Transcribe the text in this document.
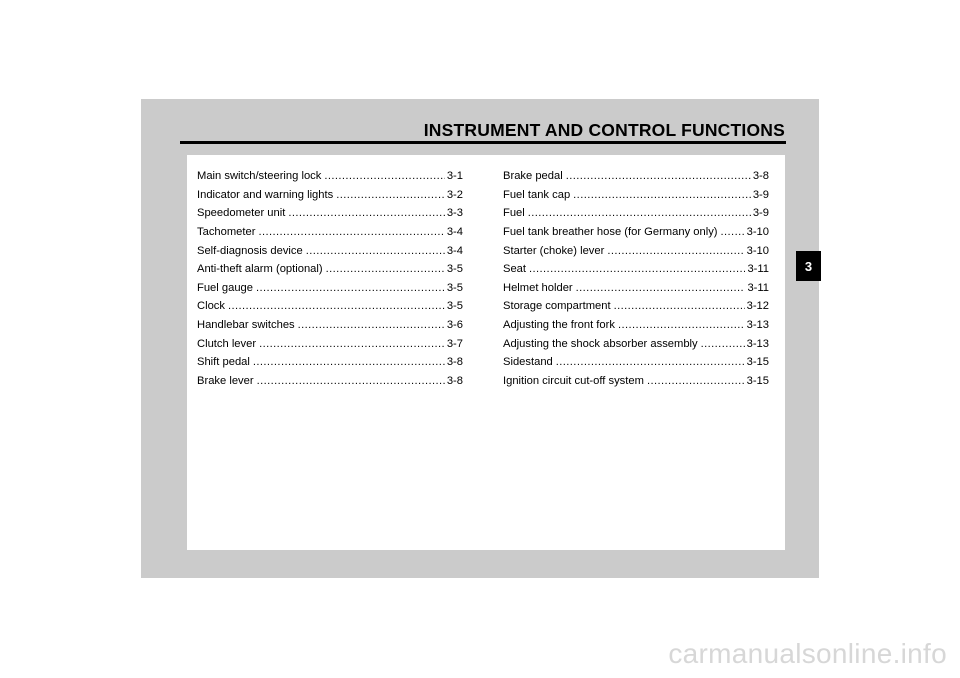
INSTRUMENT AND CONTROL FUNCTIONS
Main switch/steering lock .....	3-1
Indicator and warning lights .....	3-2
Speedometer unit .....	3-3
Tachometer .....	3-4
Self-diagnosis device .....	3-4
Anti-theft alarm (optional) .....	3-5
Fuel gauge .....	3-5
Clock .....	3-5
Handlebar switches .....	3-6
Clutch lever .....	3-7
Shift pedal .....	3-8
Brake lever .....	3-8
Brake pedal .....	3-8
Fuel tank cap .....	3-9
Fuel .....	3-9
Fuel tank breather hose (for Germany only) .....	3-10
Starter (choke) lever .....	3-10
Seat .....	3-11
Helmet holder .....	3-11
Storage compartment .....	3-12
Adjusting the front fork .....	3-13
Adjusting the shock absorber assembly .....	3-13
Sidestand .....	3-15
Ignition circuit cut-off system .....	3-15
3
carmanualsonline.info
